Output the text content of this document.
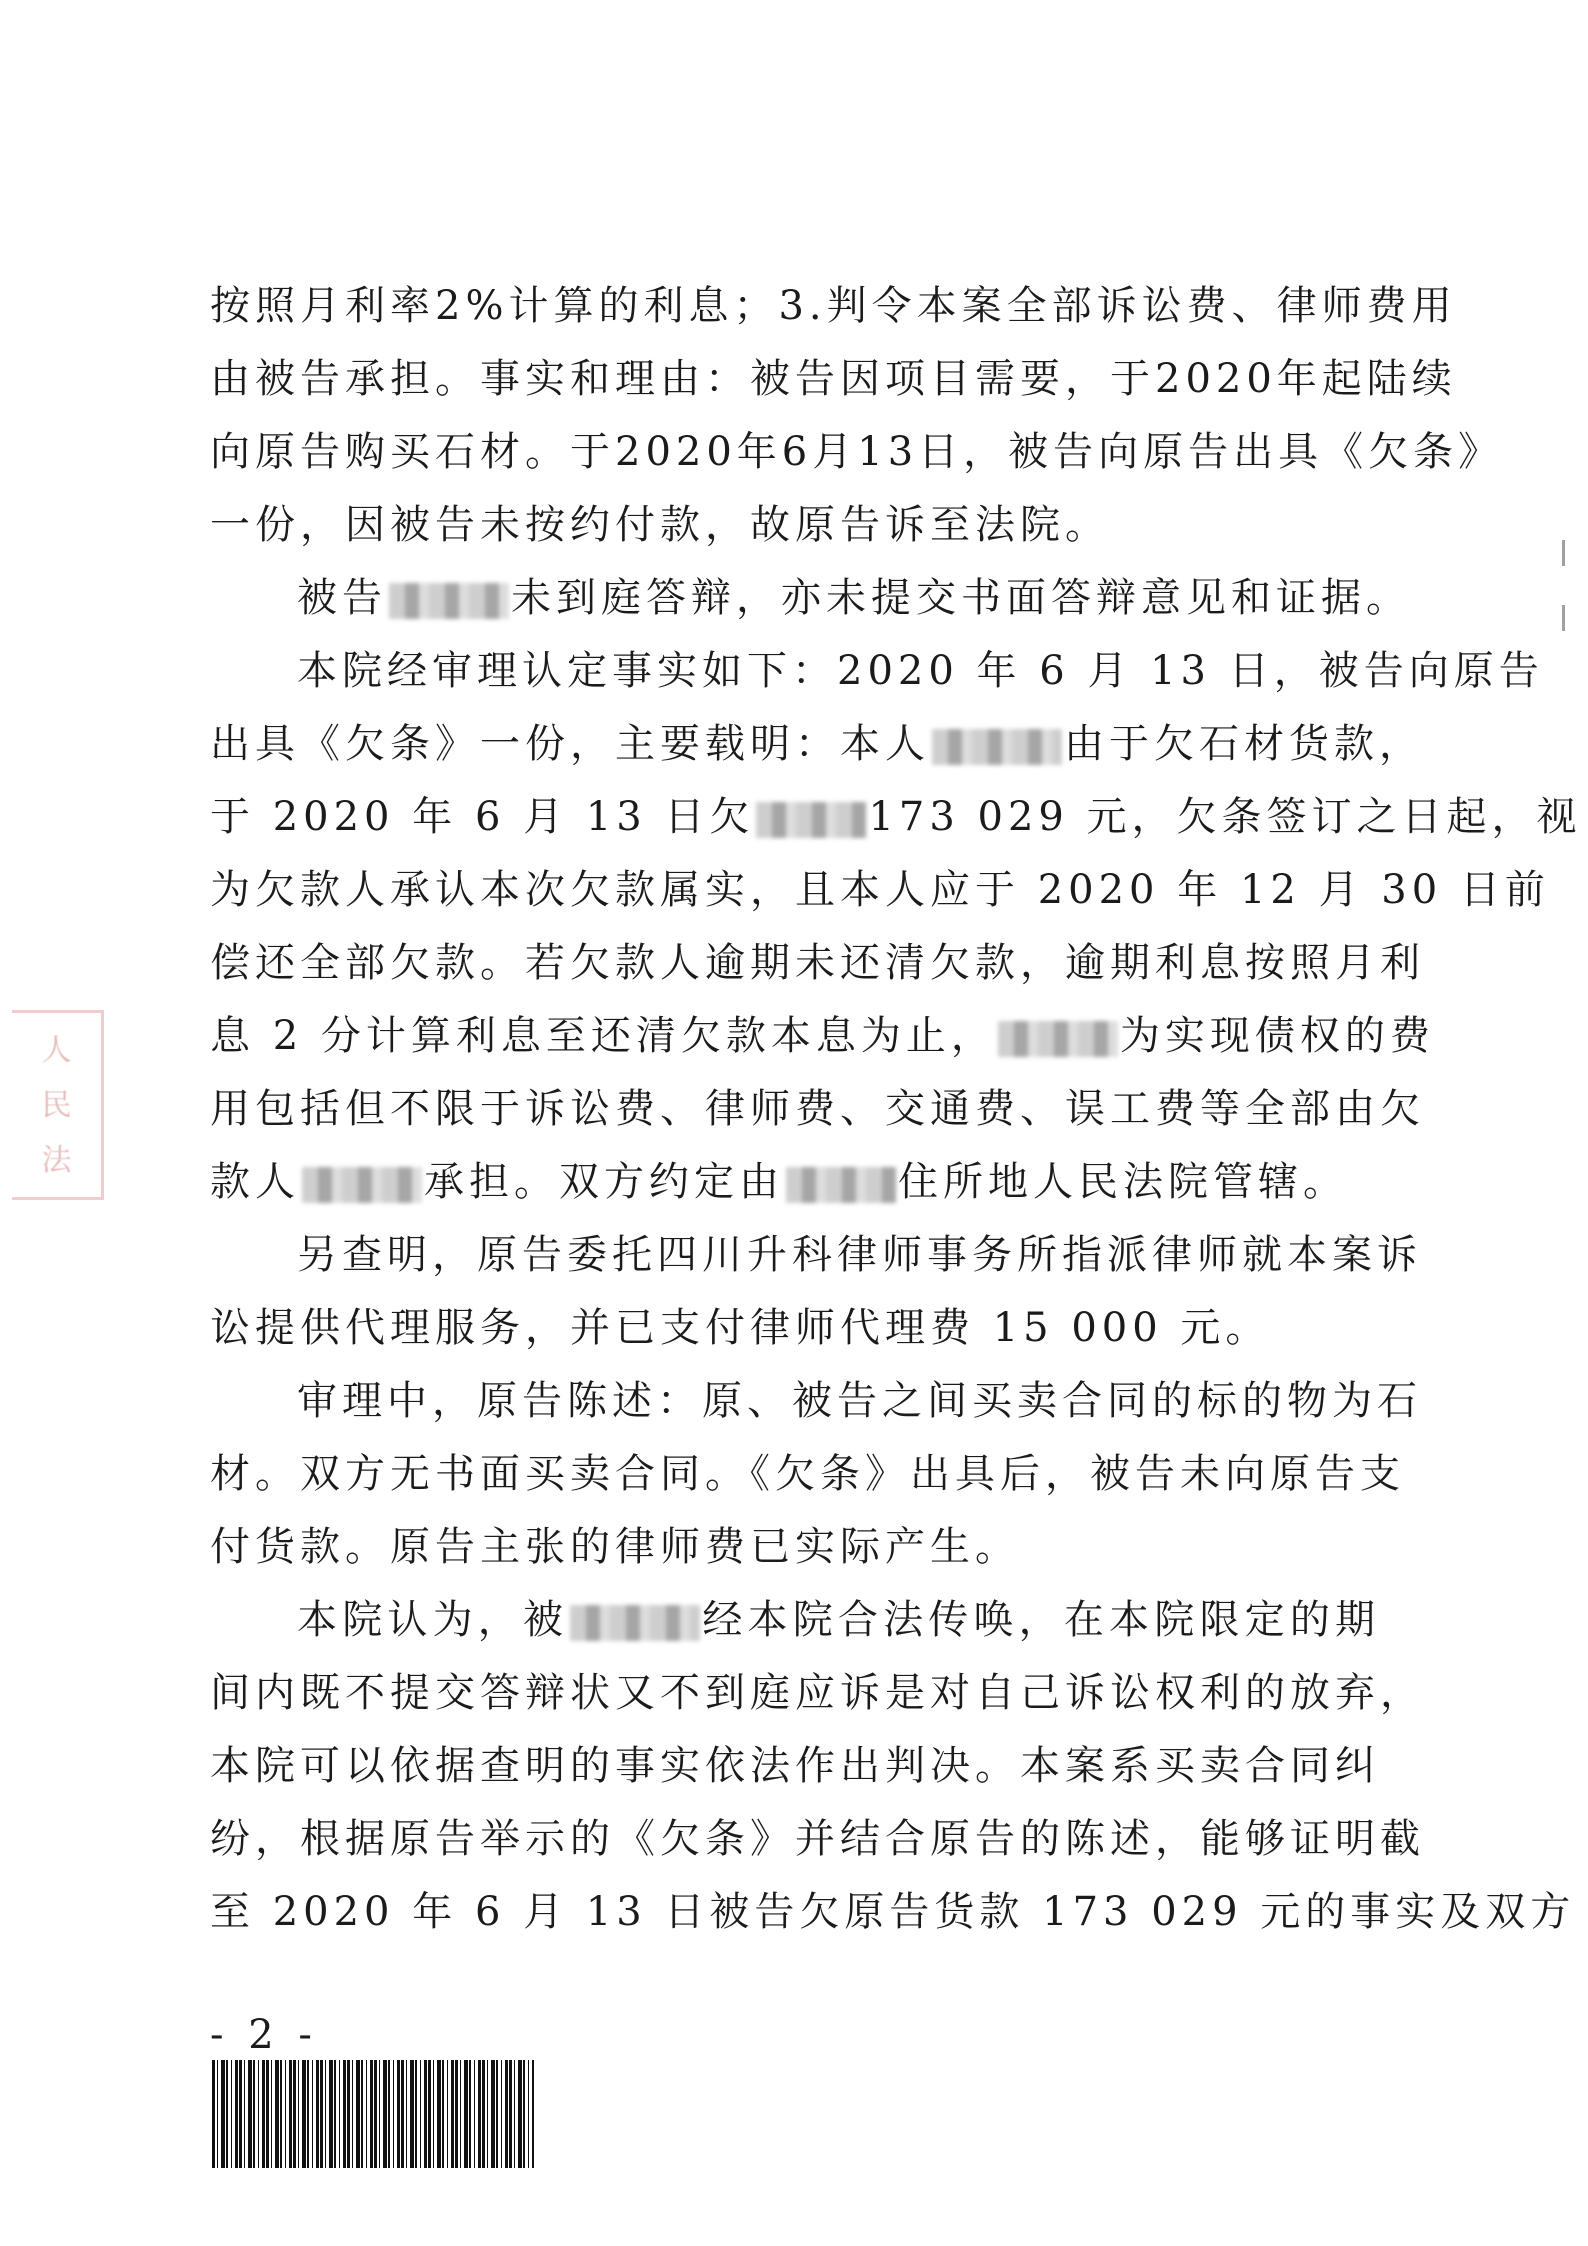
人
民
法
按照月利率2%计算的利息；3.判令本案全部诉讼费、律师费用
由被告承担。事实和理由：被告因项目需要，于2020年起陆续
向原告购买石材。于2020年6月13日，被告向原告出具《欠条》
一份，因被告未按约付款，故原告诉至法院。
被告	未到庭答辩，亦未提交书面答辩意见和证据。
本院经审理认定事实如下：2020 年 6 月 13 日，被告向原告
出具《欠条》一份，主要载明：本人	由于欠石材货款，
于 2020 年 6 月 13 日欠	173 029 元，欠条签订之日起，视
为欠款人承认本次欠款属实，且本人应于 2020 年 12 月 30 日前
偿还全部欠款。若欠款人逾期未还清欠款，逾期利息按照月利
息 2 分计算利息至还清欠款本息为止，	为实现债权的费
用包括但不限于诉讼费、律师费、交通费、误工费等全部由欠
款人	承担。双方约定由	住所地人民法院管辖。
另查明，原告委托四川升科律师事务所指派律师就本案诉
讼提供代理服务，并已支付律师代理费 15 000 元。
审理中，原告陈述：原、被告之间买卖合同的标的物为石
材。双方无书面买卖合同。《欠条》出具后，被告未向原告支
付货款。原告主张的律师费已实际产生。
本院认为，被	经本院合法传唤，在本院限定的期
间内既不提交答辩状又不到庭应诉是对自己诉讼权利的放弃，
本院可以依据查明的事实依法作出判决。本案系买卖合同纠
纷，根据原告举示的《欠条》并结合原告的陈述，能够证明截
至 2020 年 6 月 13 日被告欠原告货款 173 029 元的事实及双方
- 2 -
